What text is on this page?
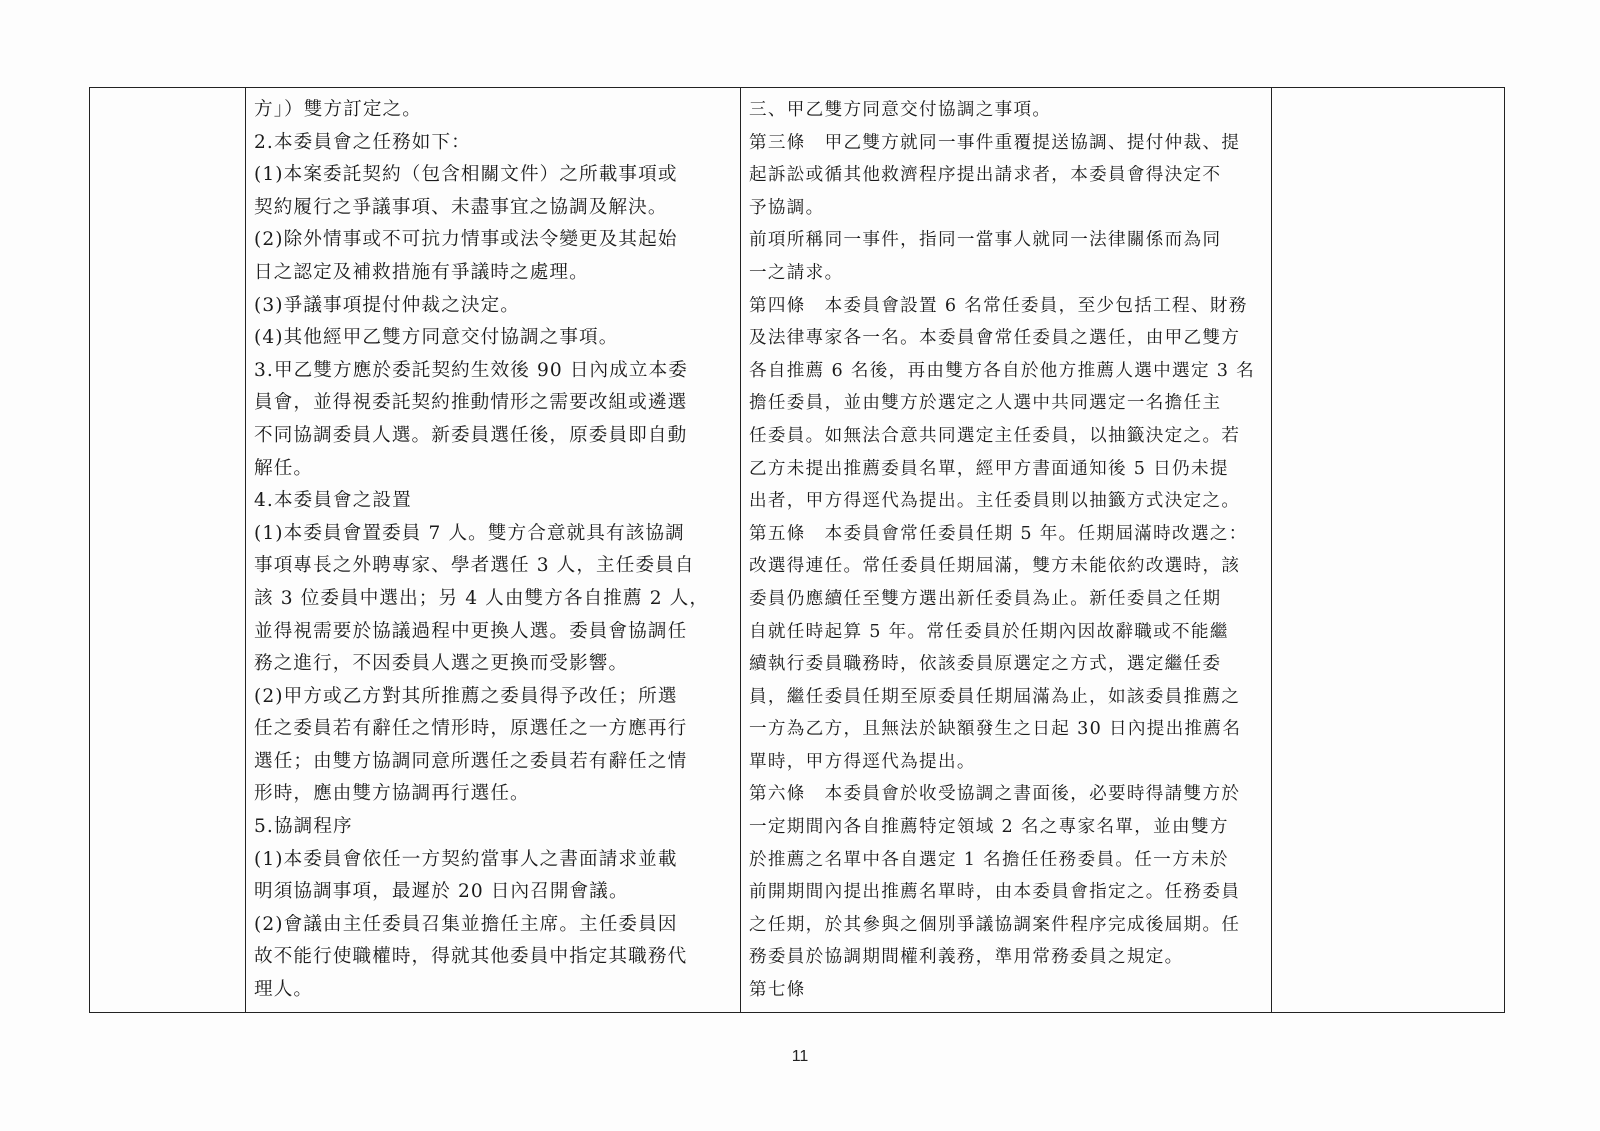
方」）雙方訂定之。
2.本委員會之任務如下：
(1)本案委託契約（包含相關文件）之所載事項或
契約履行之爭議事項、未盡事宜之協調及解決。
(2)除外情事或不可抗力情事或法令變更及其起始
日之認定及補救措施有爭議時之處理。
(3)爭議事項提付仲裁之決定。
(4)其他經甲乙雙方同意交付協調之事項。
3.甲乙雙方應於委託契約生效後 90 日內成立本委
員會，並得視委託契約推動情形之需要改組或遴選
不同協調委員人選。新委員選任後，原委員即自動
解任。
4.本委員會之設置
(1)本委員會置委員 7 人。雙方合意就具有該協調
事項專長之外聘專家、學者選任 3 人，主任委員自
該 3 位委員中選出；另 4 人由雙方各自推薦 2 人，
並得視需要於協議過程中更換人選。委員會協調任
務之進行，不因委員人選之更換而受影響。
(2)甲方或乙方對其所推薦之委員得予改任；所選
任之委員若有辭任之情形時，原選任之一方應再行
選任；由雙方協調同意所選任之委員若有辭任之情
形時，應由雙方協調再行選任。
5.協調程序
(1)本委員會依任一方契約當事人之書面請求並載
明須協調事項，最遲於 20 日內召開會議。
(2)會議由主任委員召集並擔任主席。主任委員因
故不能行使職權時，得就其他委員中指定其職務代
理人。

三、甲乙雙方同意交付協調之事項。
第三條　甲乙雙方就同一事件重覆提送協調、提付仲裁、提
起訴訟或循其他救濟程序提出請求者，本委員會得決定不
予協調。
前項所稱同一事件，指同一當事人就同一法律關係而為同
一之請求。
第四條　本委員會設置 6 名常任委員，至少包括工程、財務
及法律專家各一名。本委員會常任委員之選任，由甲乙雙方
各自推薦 6 名後，再由雙方各自於他方推薦人選中選定 3 名
擔任委員，並由雙方於選定之人選中共同選定一名擔任主
任委員。如無法合意共同選定主任委員，以抽籤決定之。若
乙方未提出推薦委員名單，經甲方書面通知後 5 日仍未提
出者，甲方得逕代為提出。主任委員則以抽籤方式決定之。
第五條　本委員會常任委員任期 5 年。任期屆滿時改選之：
改選得連任。常任委員任期屆滿，雙方未能依約改選時，該
委員仍應續任至雙方選出新任委員為止。新任委員之任期
自就任時起算 5 年。常任委員於任期內因故辭職或不能繼
續執行委員職務時，依該委員原選定之方式，選定繼任委
員，繼任委員任期至原委員任期屆滿為止，如該委員推薦之
一方為乙方，且無法於缺額發生之日起 30 日內提出推薦名
單時，甲方得逕代為提出。
第六條　本委員會於收受協調之書面後，必要時得請雙方於
一定期間內各自推薦特定領域 2 名之專家名單，並由雙方
於推薦之名單中各自選定 1 名擔任任務委員。任一方未於
前開期間內提出推薦名單時，由本委員會指定之。任務委員
之任期，於其參與之個別爭議協調案件程序完成後屆期。任
務委員於協調期間權利義務，準用常務委員之規定。
第七條

11
